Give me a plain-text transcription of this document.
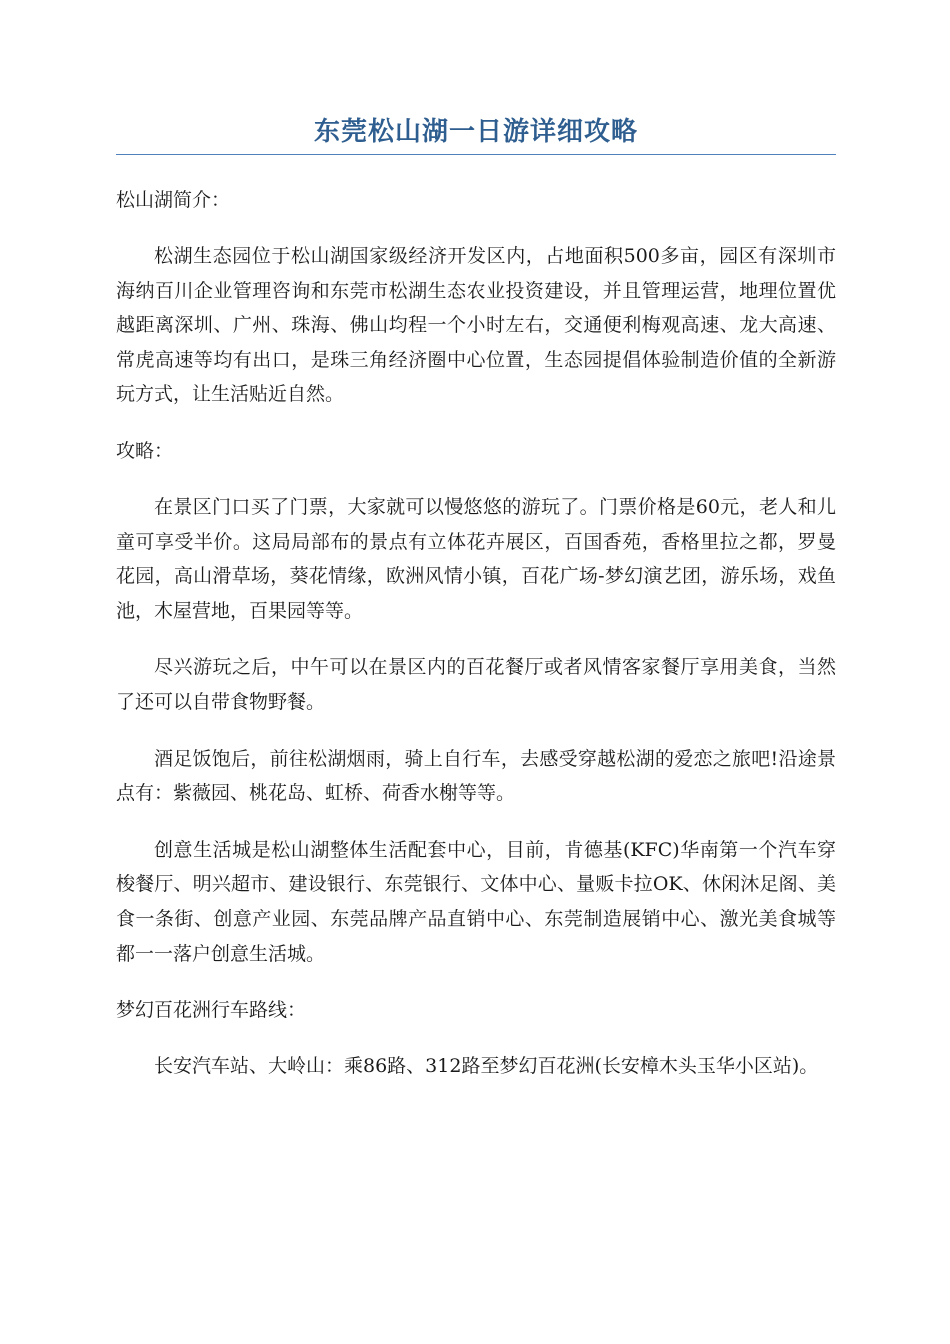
东莞松山湖一日游详细攻略

松山湖简介：

松湖生态园位于松山湖国家级经济开发区内，占地面积500多亩，园区有深圳市海纳百川企业管理咨询和东莞市松湖生态农业投资建设，并且管理运营，地理位置优越距离深圳、广州、珠海、佛山均程一个小时左右，交通便利梅观高速、龙大高速、常虎高速等均有出口，是珠三角经济圈中心位置，生态园提倡体验制造价值的全新游玩方式，让生活贴近自然。

攻略：

在景区门口买了门票，大家就可以慢悠悠的游玩了。门票价格是60元，老人和儿童可享受半价。这局局部布的景点有立体花卉展区，百国香苑，香格里拉之都，罗曼花园，高山滑草场，葵花情缘，欧洲风情小镇，百花广场-梦幻演艺团，游乐场，戏鱼池，木屋营地，百果园等等。

尽兴游玩之后，中午可以在景区内的百花餐厅或者风情客家餐厅享用美食，当然了还可以自带食物野餐。

酒足饭饱后，前往松湖烟雨，骑上自行车，去感受穿越松湖的爱恋之旅吧!沿途景点有：紫薇园、桃花岛、虹桥、荷香水榭等等。

创意生活城是松山湖整体生活配套中心，目前，肯德基(KFC)华南第一个汽车穿梭餐厅、明兴超市、建设银行、东莞银行、文体中心、量贩卡拉OK、休闲沐足阁、美食一条街、创意产业园、东莞品牌产品直销中心、东莞制造展销中心、激光美食城等都一一落户创意生活城。

梦幻百花洲行车路线：

长安汽车站、大岭山：乘86路、312路至梦幻百花洲(长安樟木头玉华小区站)。
